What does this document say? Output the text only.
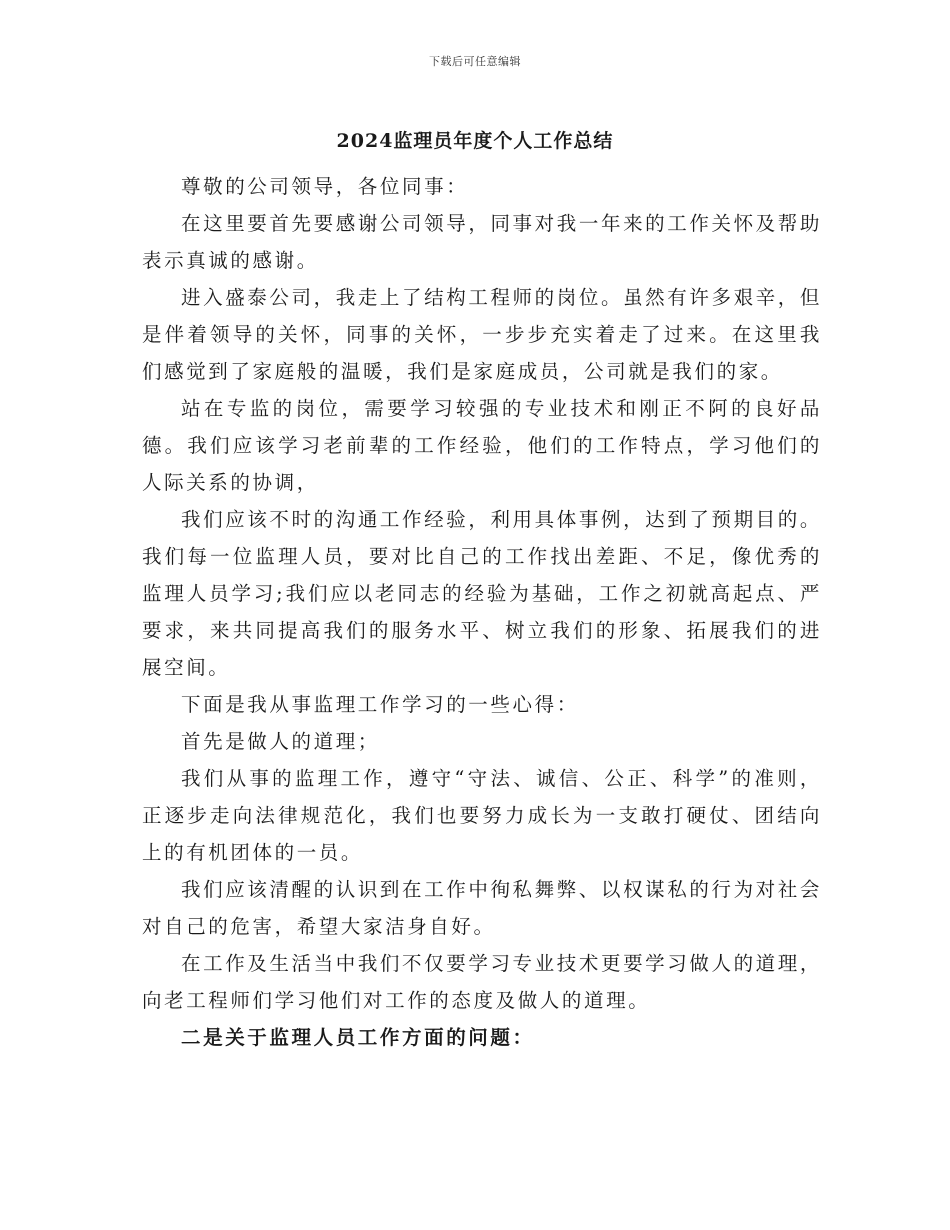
下载后可任意编辑
2024监理员年度个人工作总结

尊敬的公司领导，各位同事：

在这里要首先要感谢公司领导，同事对我一年来的工作关怀及帮助表示真诚的感谢。

进入盛泰公司，我走上了结构工程师的岗位。虽然有许多艰辛，但是伴着领导的关怀，同事的关怀，一步步充实着走了过来。在这里我们感觉到了家庭般的温暖，我们是家庭成员，公司就是我们的家。

站在专监的岗位，需要学习较强的专业技术和刚正不阿的良好品德。我们应该学习老前辈的工作经验，他们的工作特点，学习他们的人际关系的协调，

我们应该不时的沟通工作经验，利用具体事例，达到了预期目的。我们每一位监理人员，要对比自己的工作找出差距、不足，像优秀的监理人员学习;我们应以老同志的经验为基础，工作之初就高起点、严要求，来共同提高我们的服务水平、树立我们的形象、拓展我们的进展空间。

下面是我从事监理工作学习的一些心得：

首先是做人的道理；

我们从事的监理工作，遵守“守法、诚信、公正、科学”的准则，正逐步走向法律规范化，我们也要努力成长为一支敢打硬仗、团结向上的有机团体的一员。

我们应该清醒的认识到在工作中徇私舞弊、以权谋私的行为对社会对自己的危害，希望大家洁身自好。

在工作及生活当中我们不仅要学习专业技术更要学习做人的道理，向老工程师们学习他们对工作的态度及做人的道理。

二是关于监理人员工作方面的问题：
